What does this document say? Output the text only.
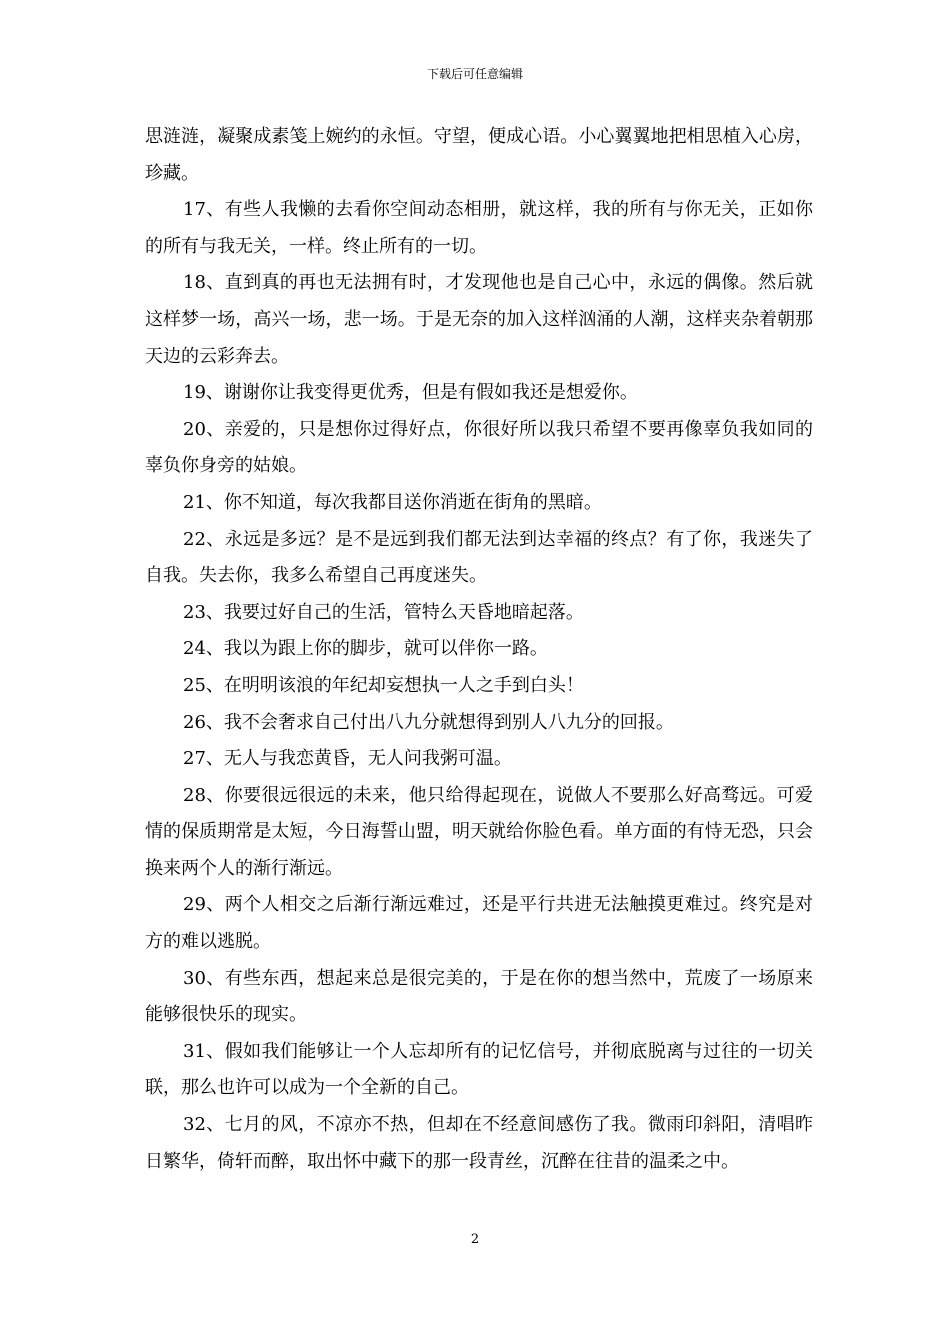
下载后可任意编辑

思涟涟，凝聚成素笺上婉约的永恒。守望，便成心语。小心翼翼地把相思植入心房，珍藏。

17、有些人我懒的去看你空间动态相册，就这样，我的所有与你无关，正如你的所有与我无关，一样。终止所有的一切。

18、直到真的再也无法拥有时，才发现他也是自己心中，永远的偶像。然后就这样梦一场，高兴一场，悲一场。于是无奈的加入这样汹涌的人潮，这样夹杂着朝那天边的云彩奔去。

19、谢谢你让我变得更优秀，但是有假如我还是想爱你。

20、亲爱的，只是想你过得好点，你很好所以我只希望不要再像辜负我如同的辜负你身旁的姑娘。

21、你不知道，每次我都目送你消逝在街角的黑暗。

22、永远是多远？是不是远到我们都无法到达幸福的终点？有了你，我迷失了自我。失去你，我多么希望自己再度迷失。

23、我要过好自己的生活，管特么天昏地暗起落。

24、我以为跟上你的脚步，就可以伴你一路。

25、在明明该浪的年纪却妄想执一人之手到白头！

26、我不会奢求自己付出八九分就想得到别人八九分的回报。

27、无人与我恋黄昏，无人问我粥可温。

28、你要很远很远的未来，他只给得起现在，说做人不要那么好高骛远。可爱情的保质期常是太短，今日海誓山盟，明天就给你脸色看。单方面的有恃无恐，只会换来两个人的渐行渐远。

29、两个人相交之后渐行渐远难过，还是平行共进无法触摸更难过。终究是对方的难以逃脱。

30、有些东西，想起来总是很完美的，于是在你的想当然中，荒废了一场原来能够很快乐的现实。

31、假如我们能够让一个人忘却所有的记忆信号，并彻底脱离与过往的一切关联，那么也许可以成为一个全新的自己。

32、七月的风，不凉亦不热，但却在不经意间感伤了我。微雨印斜阳，清唱昨日繁华，倚轩而醉，取出怀中藏下的那一段青丝，沉醉在往昔的温柔之中。

2
